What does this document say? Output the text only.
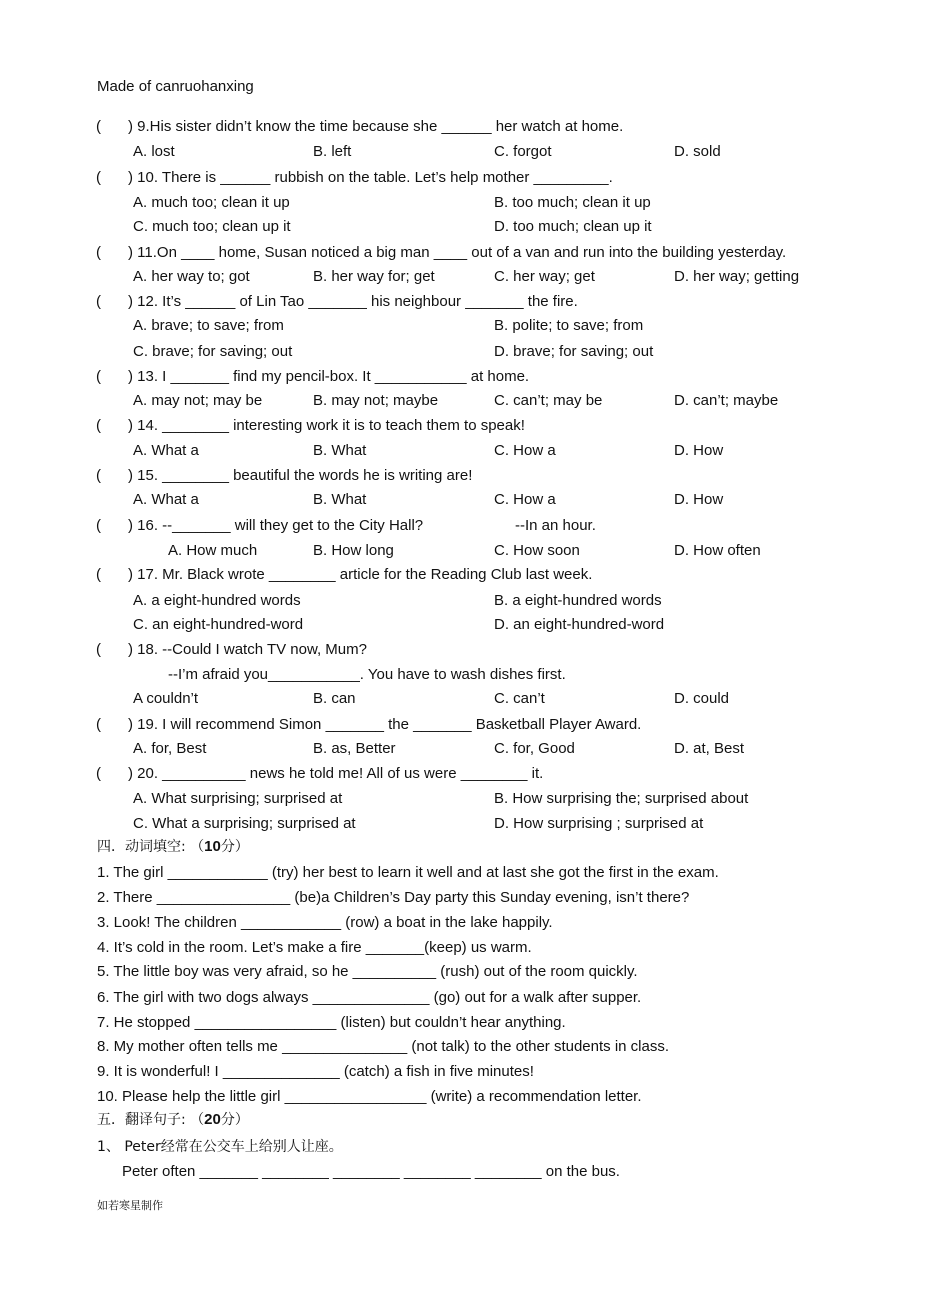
Made of canruohanxing
( ) 9.His sister didn’t know the time because she ______ her watch at home.
A. lost	B. left	C. forgot	D. sold
( ) 10. There is ______ rubbish on the table. Let’s help mother _________.
A. much too; clean it up	B. too much; clean it up
C. much too; clean up it	D. too much; clean up it
( ) 11.On ____ home, Susan noticed a big man ____ out of a van and run into the building yesterday.
A. her way to; got	B. her way for; get	C. her way; get	D. her way; getting
( ) 12. It’s ______ of Lin Tao _______ his neighbour _______ the fire.
A. brave; to save; from	B. polite; to save; from
C. brave; for saving; out	D. brave; for saving; out
( ) 13. I _______ find my pencil-box. It ___________ at home.
A. may not; may be	B. may not; maybe	C. can’t; may be	D. can’t; maybe
( ) 14. ________ interesting work it is to teach them to speak!
A. What a	B. What	C. How a	D. How
( ) 15. ________ beautiful the words he is writing are!
A. What a	B. What	C. How a	D. How
( ) 16. --_______ will they get to the City Hall?	--In an hour.
A. How much	B. How long	C. How soon	D. How often
( ) 17. Mr. Black wrote ________ article for the Reading Club last week.
A. a eight-hundred words	B. a eight-hundred words
C. an eight-hundred-word	D. an eight-hundred-word
( ) 18. --Could I watch TV now, Mum?
--I’m afraid you___________. You have to wash dishes first.
A couldn’t	B. can	C. can’t	D. could
( ) 19. I will recommend Simon _______ the _______ Basketball Player Award.
A. for, Best	B. as, Better	C. for, Good	D. at, Best
( ) 20. __________ news he told me! All of us were ________ it.
A. What surprising; surprised at	B. How surprising the; surprised about
C. What a surprising; surprised at	D. How surprising ; surprised at
四．动词填空: （10分）
1. The girl ____________ (try) her best to learn it well and at last she got the first in the exam.
2. There ________________ (be)a Children’s Day party this Sunday evening, isn’t there?
3. Look! The children ____________ (row) a boat in the lake happily.
4. It’s cold in the room. Let’s make a fire _______(keep) us warm.
5. The little boy was very afraid, so he __________ (rush) out of the room quickly.
6. The girl with two dogs always ______________ (go) out for a walk after supper.
7. He stopped _________________ (listen) but couldn’t hear anything.
8. My mother often tells me _______________ (not talk) to the other students in class.
9. It is wonderful! I ______________ (catch) a fish in five minutes!
10. Please help the little girl _________________ (write) a recommendation letter.
五．翻译句子: （20分）
1、 Peter经常在公交车上给别人让座。
Peter often _______ ________ ________ ________ ________ on the bus.
如若寒星制作
